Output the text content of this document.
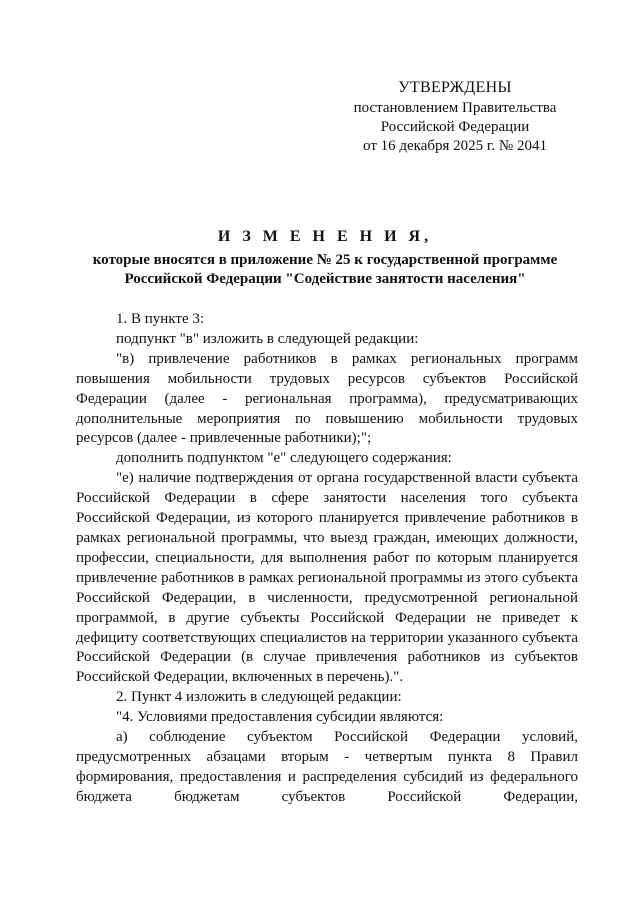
УТВЕРЖДЕНЫ
постановлением Правительства
Российской Федерации
от 16 декабря 2025 г. № 2041
И З М Е Н Е Н И Я,
которые вносятся в приложение № 25 к государственной программе
Российской Федерации "Содействие занятости населения"

1. В пункте 3:

подпункт "в" изложить в следующей редакции:

"в) привлечение работников в рамках региональных программ повышения мобильности трудовых ресурсов субъектов Российской Федерации (далее - региональная программа), предусматривающих дополнительные мероприятия по повышению мобильности трудовых ресурсов (далее - привлеченные работники);";

дополнить подпунктом "е" следующего содержания:

"е) наличие подтверждения от органа государственной власти субъекта Российской Федерации в сфере занятости населения того субъекта Российской Федерации, из которого планируется привлечение работников в рамках региональной программы, что выезд граждан, имеющих должности, профессии, специальности, для выполнения работ по которым планируется привлечение работников в рамках региональной программы из этого субъекта Российской Федерации, в численности, предусмотренной региональной программой, в другие субъекты Российской Федерации не приведет к дефициту соответствующих специалистов на территории указанного субъекта Российской Федерации (в случае привлечения работников из субъектов Российской Федерации, включенных в перечень).".

2. Пункт 4 изложить в следующей редакции:

"4. Условиями предоставления субсидии являются:

а) соблюдение субъектом Российской Федерации условий, предусмотренных абзацами вторым - четвертым пункта 8 Правил формирования, предоставления и распределения субсидий из федерального бюджета бюджетам субъектов Российской Федерации,
